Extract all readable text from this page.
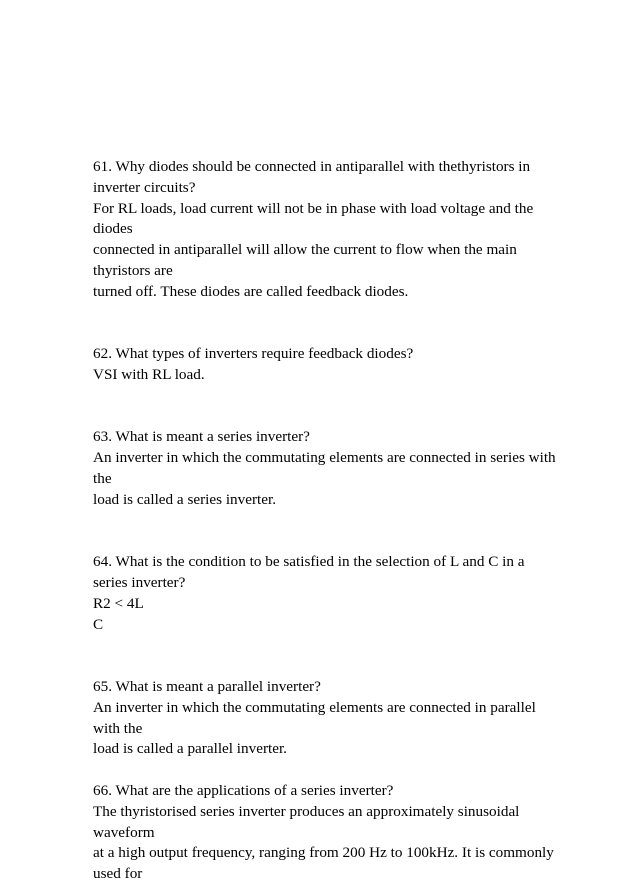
61. Why diodes should be connected in antiparallel with thethyristors in
inverter circuits?
For RL loads, load current will not be in phase with load voltage and the
diodes
connected in antiparallel will allow the current to flow when the main
thyristors are
turned off. These diodes are called feedback diodes.
62. What types of inverters require feedback diodes?
VSI with RL load.
63. What is meant a series inverter?
An inverter in which the commutating elements are connected in series with
the
load is called a series inverter.
64. What is the condition to be satisfied in the selection of L and C in a
series inverter?
R2 < 4L
C
65. What is meant a parallel inverter?
An inverter in which the commutating elements are connected in parallel
with the
load is called a parallel inverter.
66. What are the applications of a series inverter?
The thyristorised series inverter produces an approximately sinusoidal
waveform
at a high output frequency, ranging from 200 Hz to 100kHz. It is commonly
used for
